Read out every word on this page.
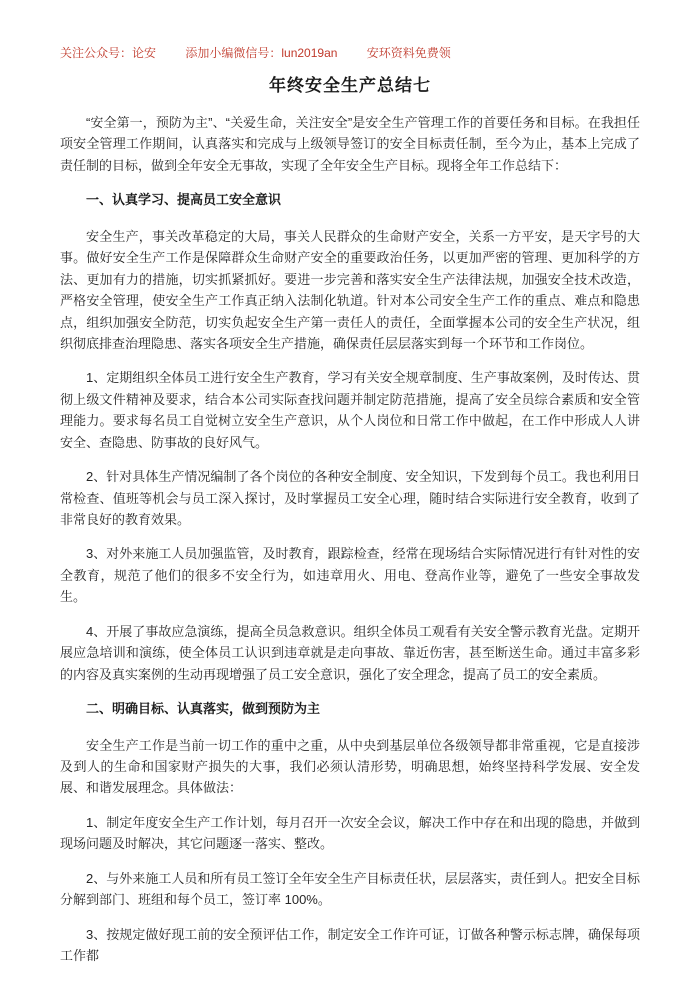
关注公众号：论安 添加小编微信号：lun2019an 安环资料免费领

年终安全生产总结七

“安全第一，预防为主”、“关爱生命，关注安全”是安全生产管理工作的首要任务和目标。在我担任项安全管理工作期间，认真落实和完成与上级领导签订的安全目标责任制，至今为止，基本上完成了责任制的目标，做到全年安全无事故，实现了全年安全生产目标。现将全年工作总结下：

一、认真学习、提高员工安全意识

安全生产，事关改革稳定的大局，事关人民群众的生命财产安全，关系一方平安，是天字号的大事。做好安全生产工作是保障群众生命财产安全的重要政治任务，以更加严密的管理、更加科学的方法、更加有力的措施，切实抓紧抓好。要进一步完善和落实安全生产法律法规，加强安全技术改造，严格安全管理，使安全生产工作真正纳入法制化轨道。针对本公司安全生产工作的重点、难点和隐患点，组织加强安全防范，切实负起安全生产第一责任人的责任，全面掌握本公司的安全生产状况，组织彻底排查治理隐患、落实各项安全生产措施，确保责任层层落实到每一个环节和工作岗位。

1、定期组织全体员工进行安全生产教育，学习有关安全规章制度、生产事故案例，及时传达、贯彻上级文件精神及要求，结合本公司实际查找问题并制定防范措施，提高了安全员综合素质和安全管理能力。要求每名员工自觉树立安全生产意识，从个人岗位和日常工作中做起，在工作中形成人人讲安全、查隐患、防事故的良好风气。

2、针对具体生产情况编制了各个岗位的各种安全制度、安全知识，下发到每个员工。我也利用日常检查、值班等机会与员工深入探讨，及时掌握员工安全心理，随时结合实际进行安全教育，收到了非常良好的教育效果。

3、对外来施工人员加强监管，及时教育，跟踪检查，经常在现场结合实际情况进行有针对性的安全教育，规范了他们的很多不安全行为，如违章用火、用电、登高作业等，避免了一些安全事故发生。

4、开展了事故应急演练，提高全员急救意识。组织全体员工观看有关安全警示教育光盘。定期开展应急培训和演练，使全体员工认识到违章就是走向事故、靠近伤害，甚至断送生命。通过丰富多彩的内容及真实案例的生动再现增强了员工安全意识，强化了安全理念，提高了员工的安全素质。

二、明确目标、认真落实，做到预防为主

安全生产工作是当前一切工作的重中之重，从中央到基层单位各级领导都非常重视，它是直接涉及到人的生命和国家财产损失的大事，我们必须认清形势，明确思想，始终坚持科学发展、安全发展、和谐发展理念。具体做法：

1、制定年度安全生产工作计划，每月召开一次安全会议，解决工作中存在和出现的隐患，并做到现场问题及时解决，其它问题逐一落实、整改。

2、与外来施工人员和所有员工签订全年安全生产目标责任状，层层落实，责任到人。把安全目标分解到部门、班组和每个员工，签订率 100%。

3、按规定做好现工前的安全预评估工作，制定安全工作许可证，订做各种警示标志牌，确保每项工作都
